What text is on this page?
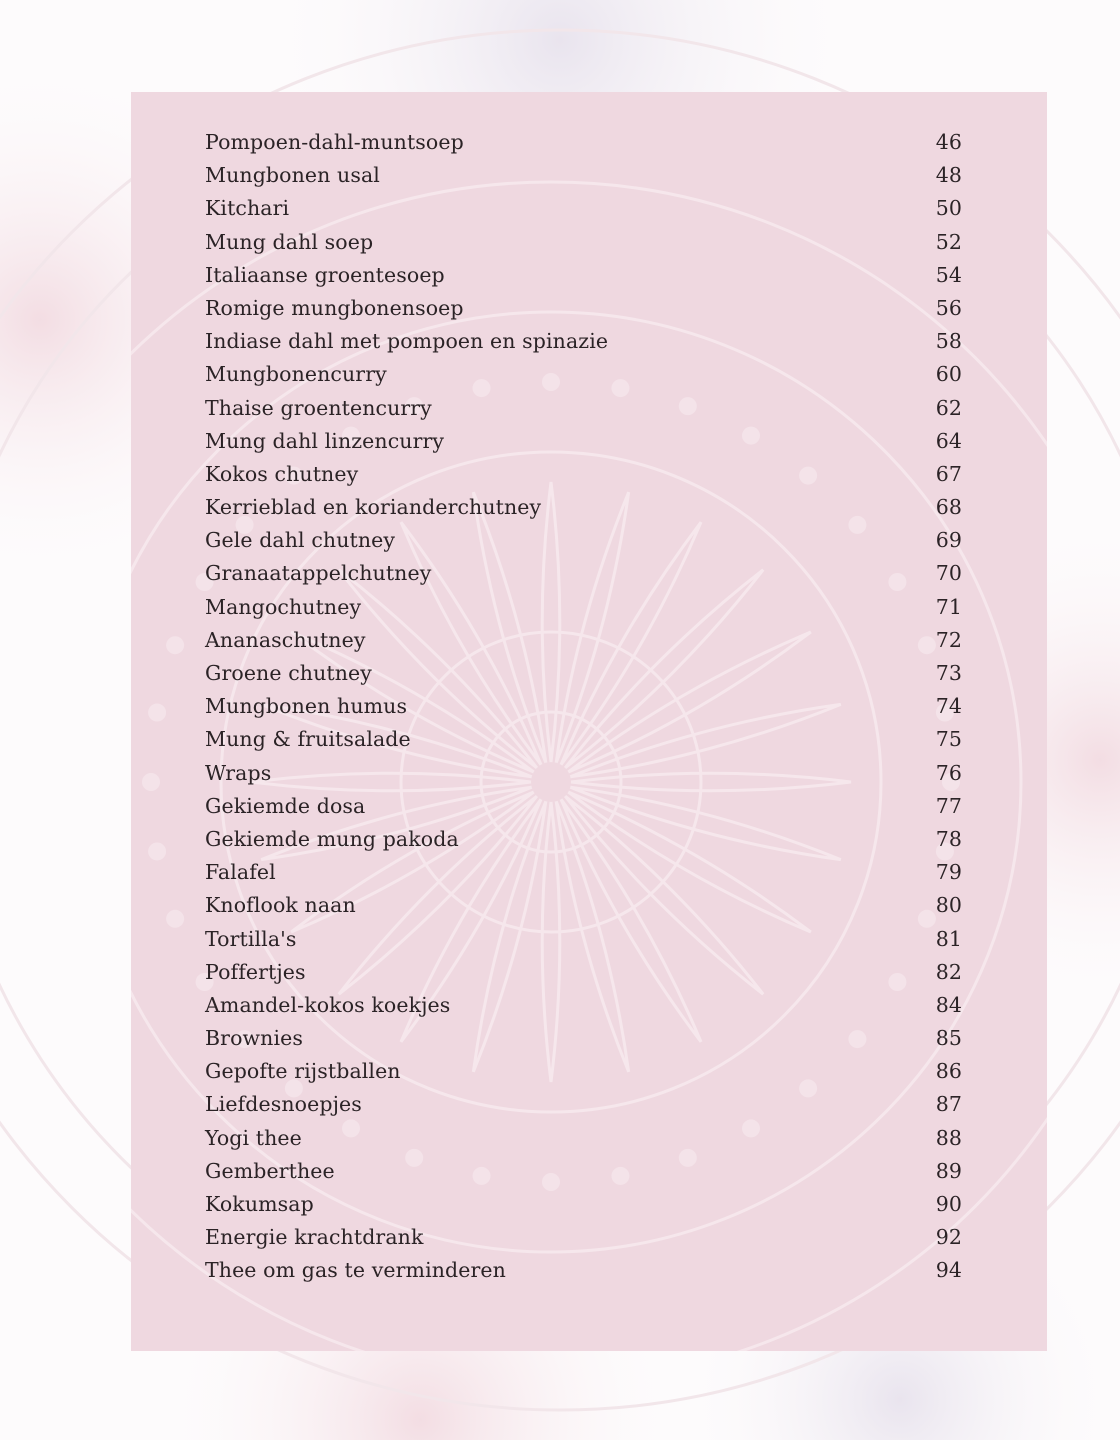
Pompoen-dahl-muntsoep	46
Mungbonen usal	48
Kitchari	50
Mung dahl soep	52
Italiaanse groentesoep	54
Romige mungbonensoep	56
Indiase dahl met pompoen en spinazie	58
Mungbonencurry	60
Thaise groentencurry	62
Mung dahl linzencurry	64
Kokos chutney	67
Kerrieblad en korianderchutney	68
Gele dahl chutney	69
Granaatappelchutney	70
Mangochutney	71
Ananaschutney	72
Groene chutney	73
Mungbonen humus	74
Mung & fruitsalade	75
Wraps	76
Gekiemde dosa	77
Gekiemde mung pakoda	78
Falafel	79
Knoflook naan	80
Tortilla's	81
Poffertjes	82
Amandel-kokos koekjes	84
Brownies	85
Gepofte rijstballen	86
Liefdesnoepjes	87
Yogi thee	88
Gemberthee	89
Kokumsap	90
Energie krachtdrank	92
Thee om gas te verminderen	94
